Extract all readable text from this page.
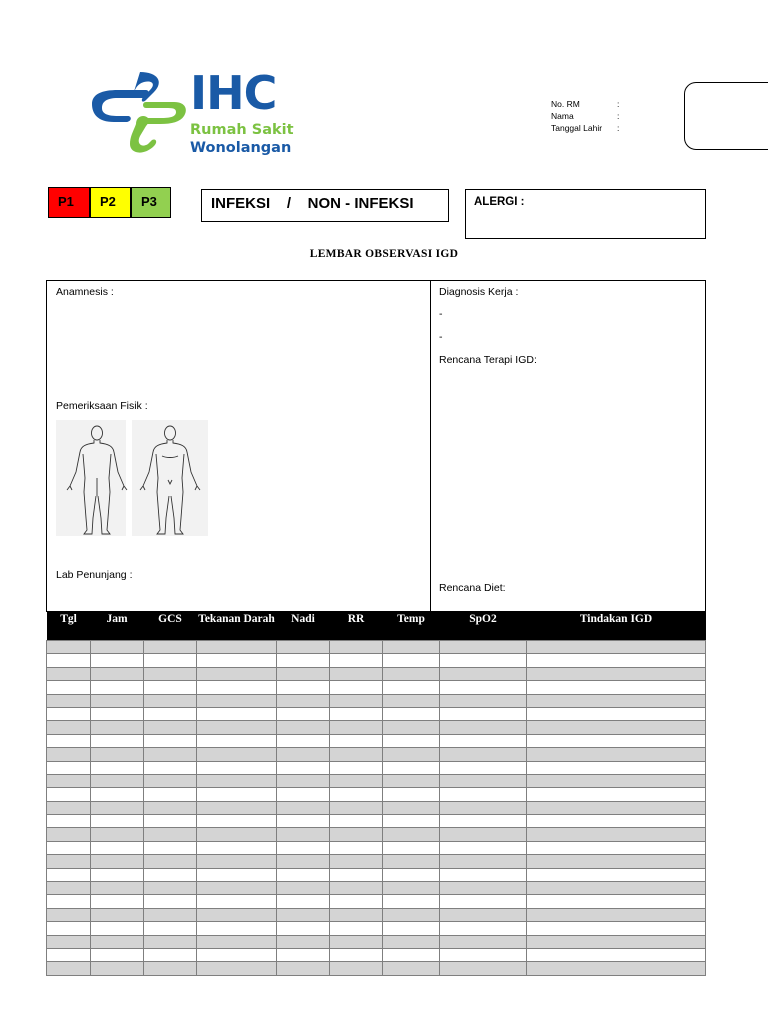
IHC
Rumah Sakit
Wonolangan
No. RM	:
Nama	:
Tanggal Lahir :
P1	P2	P3	INFEKSI    /    NON - INFEKSI	ALERGI :
LEMBAR OBSERVASI IGD
Anamnesis :
Pemeriksaan Fisik :
Lab Penunjang :
Diagnosis Kerja :
-
-
Rencana Terapi IGD:
Rencana Diet:
Tgl	Jam	GCS	Tekanan Darah	Nadi	RR	Temp	SpO2	Tindakan IGD
